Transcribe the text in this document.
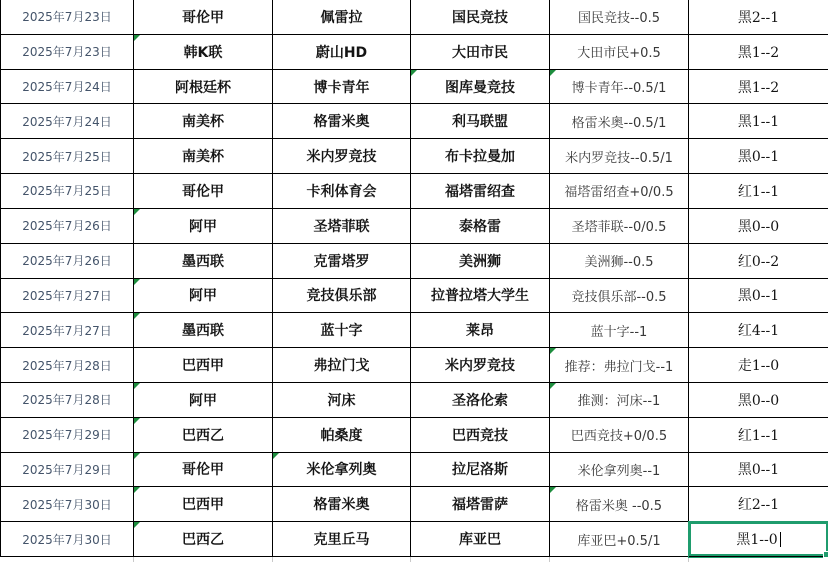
2025年7月23日	哥伦甲	佩雷拉	国民竞技	国民竞技--0.5	黑2--1
2025年7月23日	韩K联	蔚山HD	大田市民	大田市民+0.5	黑1--2
2025年7月24日	阿根廷杯	博卡青年	图库曼竞技	博卡青年--0.5/1	黑1--2
2025年7月24日	南美杯	格雷米奥	利马联盟	格雷米奥--0.5/1	黑1--1
2025年7月25日	南美杯	米内罗竞技	布卡拉曼加	米内罗竞技--0.5/1	黑0--1
2025年7月25日	哥伦甲	卡利体育会	福塔雷绍查	福塔雷绍查+0/0.5	红1--1
2025年7月26日	阿甲	圣塔菲联	泰格雷	圣塔菲联--0/0.5	黑0--0
2025年7月26日	墨西联	克雷塔罗	美洲狮	美洲狮--0.5	红0--2
2025年7月27日	阿甲	竞技俱乐部	拉普拉塔大学生	竞技俱乐部--0.5	黑0--1
2025年7月27日	墨西联	蓝十字	莱昂	蓝十字--1	红4--1
2025年7月28日	巴西甲	弗拉门戈	米内罗竞技	推荐：弗拉门戈--1	走1--0
2025年7月28日	阿甲	河床	圣洛伦索	推测：河床--1	黑0--0
2025年7月29日	巴西乙	帕桑度	巴西竞技	巴西竞技+0/0.5	红1--1
2025年7月29日	哥伦甲	米伦拿列奥	拉尼洛斯	米伦拿列奥--1	黑0--1
2025年7月30日	巴西甲	格雷米奥	福塔雷萨	格雷米奥 --0.5	红2--1
2025年7月30日	巴西乙	克里丘马	库亚巴	库亚巴+0.5/1	黑1--0
